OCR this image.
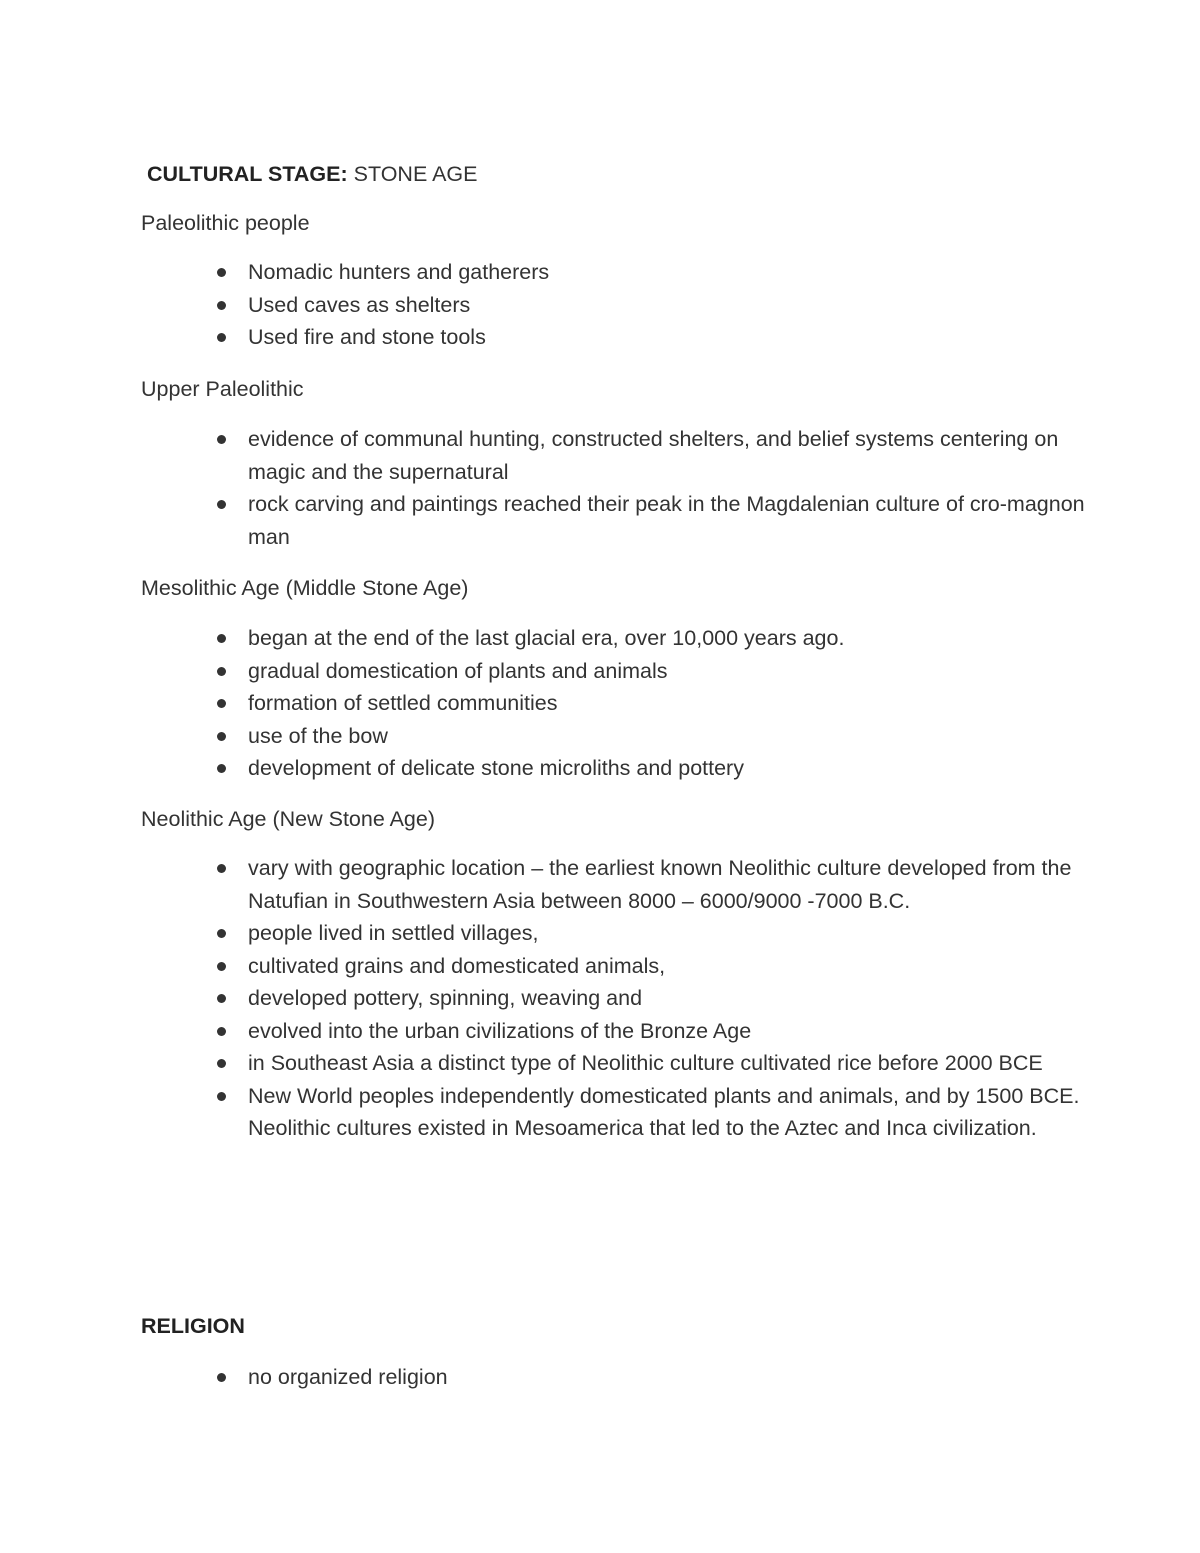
CULTURAL STAGE: STONE AGE

Paleolithic people

Nomadic hunters and gatherers
Used caves as shelters
Used fire and stone tools

Upper Paleolithic

evidence of communal hunting, constructed shelters, and belief systems centering on magic and the supernatural
rock carving and paintings reached their peak in the Magdalenian culture of cro-magnon man

Mesolithic Age (Middle Stone Age)

began at the end of the last glacial era, over 10,000 years ago.
gradual domestication of plants and animals
formation of settled communities
use of the bow
development of delicate stone microliths and pottery

Neolithic Age (New Stone Age)

vary with geographic location – the earliest known Neolithic culture developed from the Natufian in Southwestern Asia between 8000 – 6000/9000 -7000 B.C.
people lived in settled villages,
cultivated grains and domesticated animals,
developed pottery, spinning, weaving and
evolved into the urban civilizations of the Bronze Age
in Southeast Asia a distinct type of Neolithic culture cultivated rice before 2000 BCE
New World peoples independently domesticated plants and animals, and by 1500 BCE. Neolithic cultures existed in Mesoamerica that led to the Aztec and Inca civilization.

RELIGION

no organized religion
